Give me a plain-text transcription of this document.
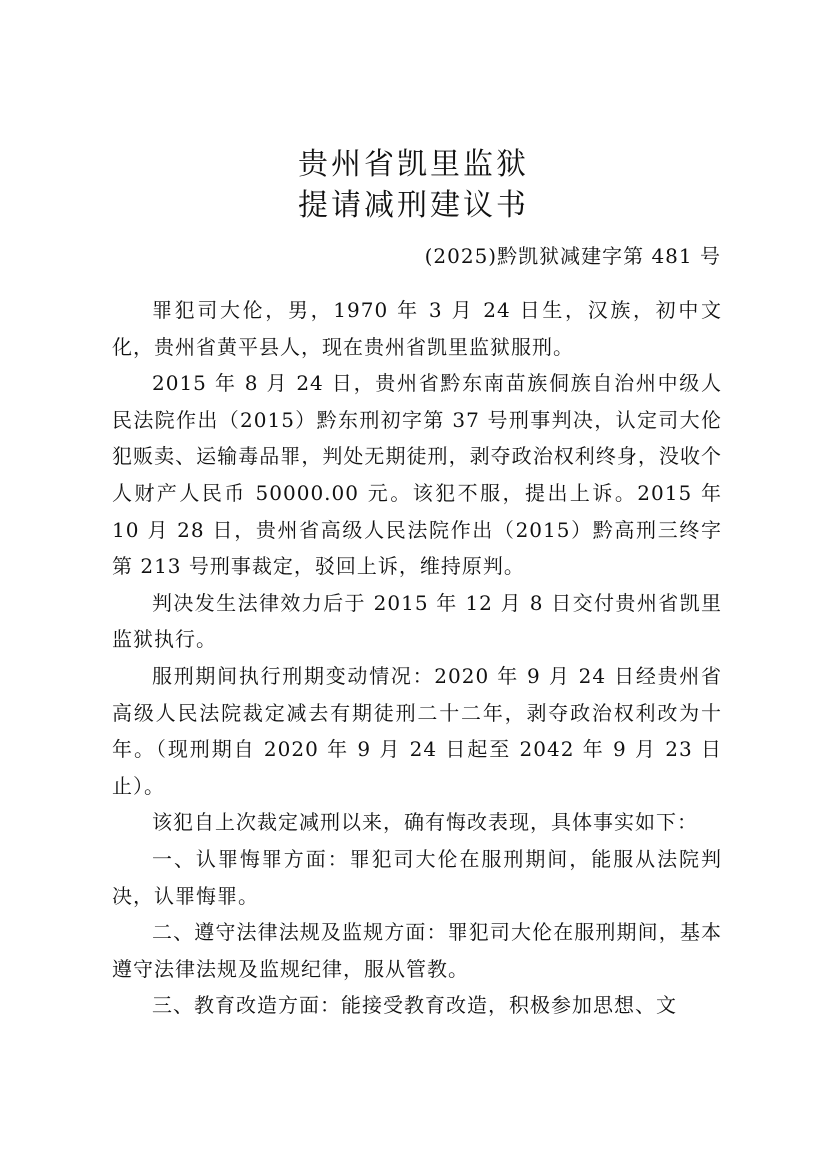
贵州省凯里监狱
提请减刑建议书
(2025)黔凯狱减建字第 481 号

罪犯司大伦，男，1970 年 3 月 24 日生，汉族，初中文化，贵州省黄平县人，现在贵州省凯里监狱服刑。

2015 年 8 月 24 日，贵州省黔东南苗族侗族自治州中级人民法院作出（2015）黔东刑初字第 37 号刑事判决，认定司大伦犯贩卖、运输毒品罪，判处无期徒刑，剥夺政治权利终身，没收个人财产人民币 50000.00 元。该犯不服，提出上诉。2015 年 10 月 28 日，贵州省高级人民法院作出（2015）黔高刑三终字第 213 号刑事裁定，驳回上诉，维持原判。

判决发生法律效力后于 2015 年 12 月 8 日交付贵州省凯里监狱执行。

服刑期间执行刑期变动情况：2020 年 9 月 24 日经贵州省高级人民法院裁定减去有期徒刑二十二年，剥夺政治权利改为十年。（现刑期自 2020 年 9 月 24 日起至 2042 年 9 月 23 日止）。

该犯自上次裁定减刑以来，确有悔改表现，具体事实如下：

一、认罪悔罪方面：罪犯司大伦在服刑期间，能服从法院判决，认罪悔罪。

二、遵守法律法规及监规方面：罪犯司大伦在服刑期间，基本遵守法律法规及监规纪律，服从管教。

三、教育改造方面：能接受教育改造，积极参加思想、文
